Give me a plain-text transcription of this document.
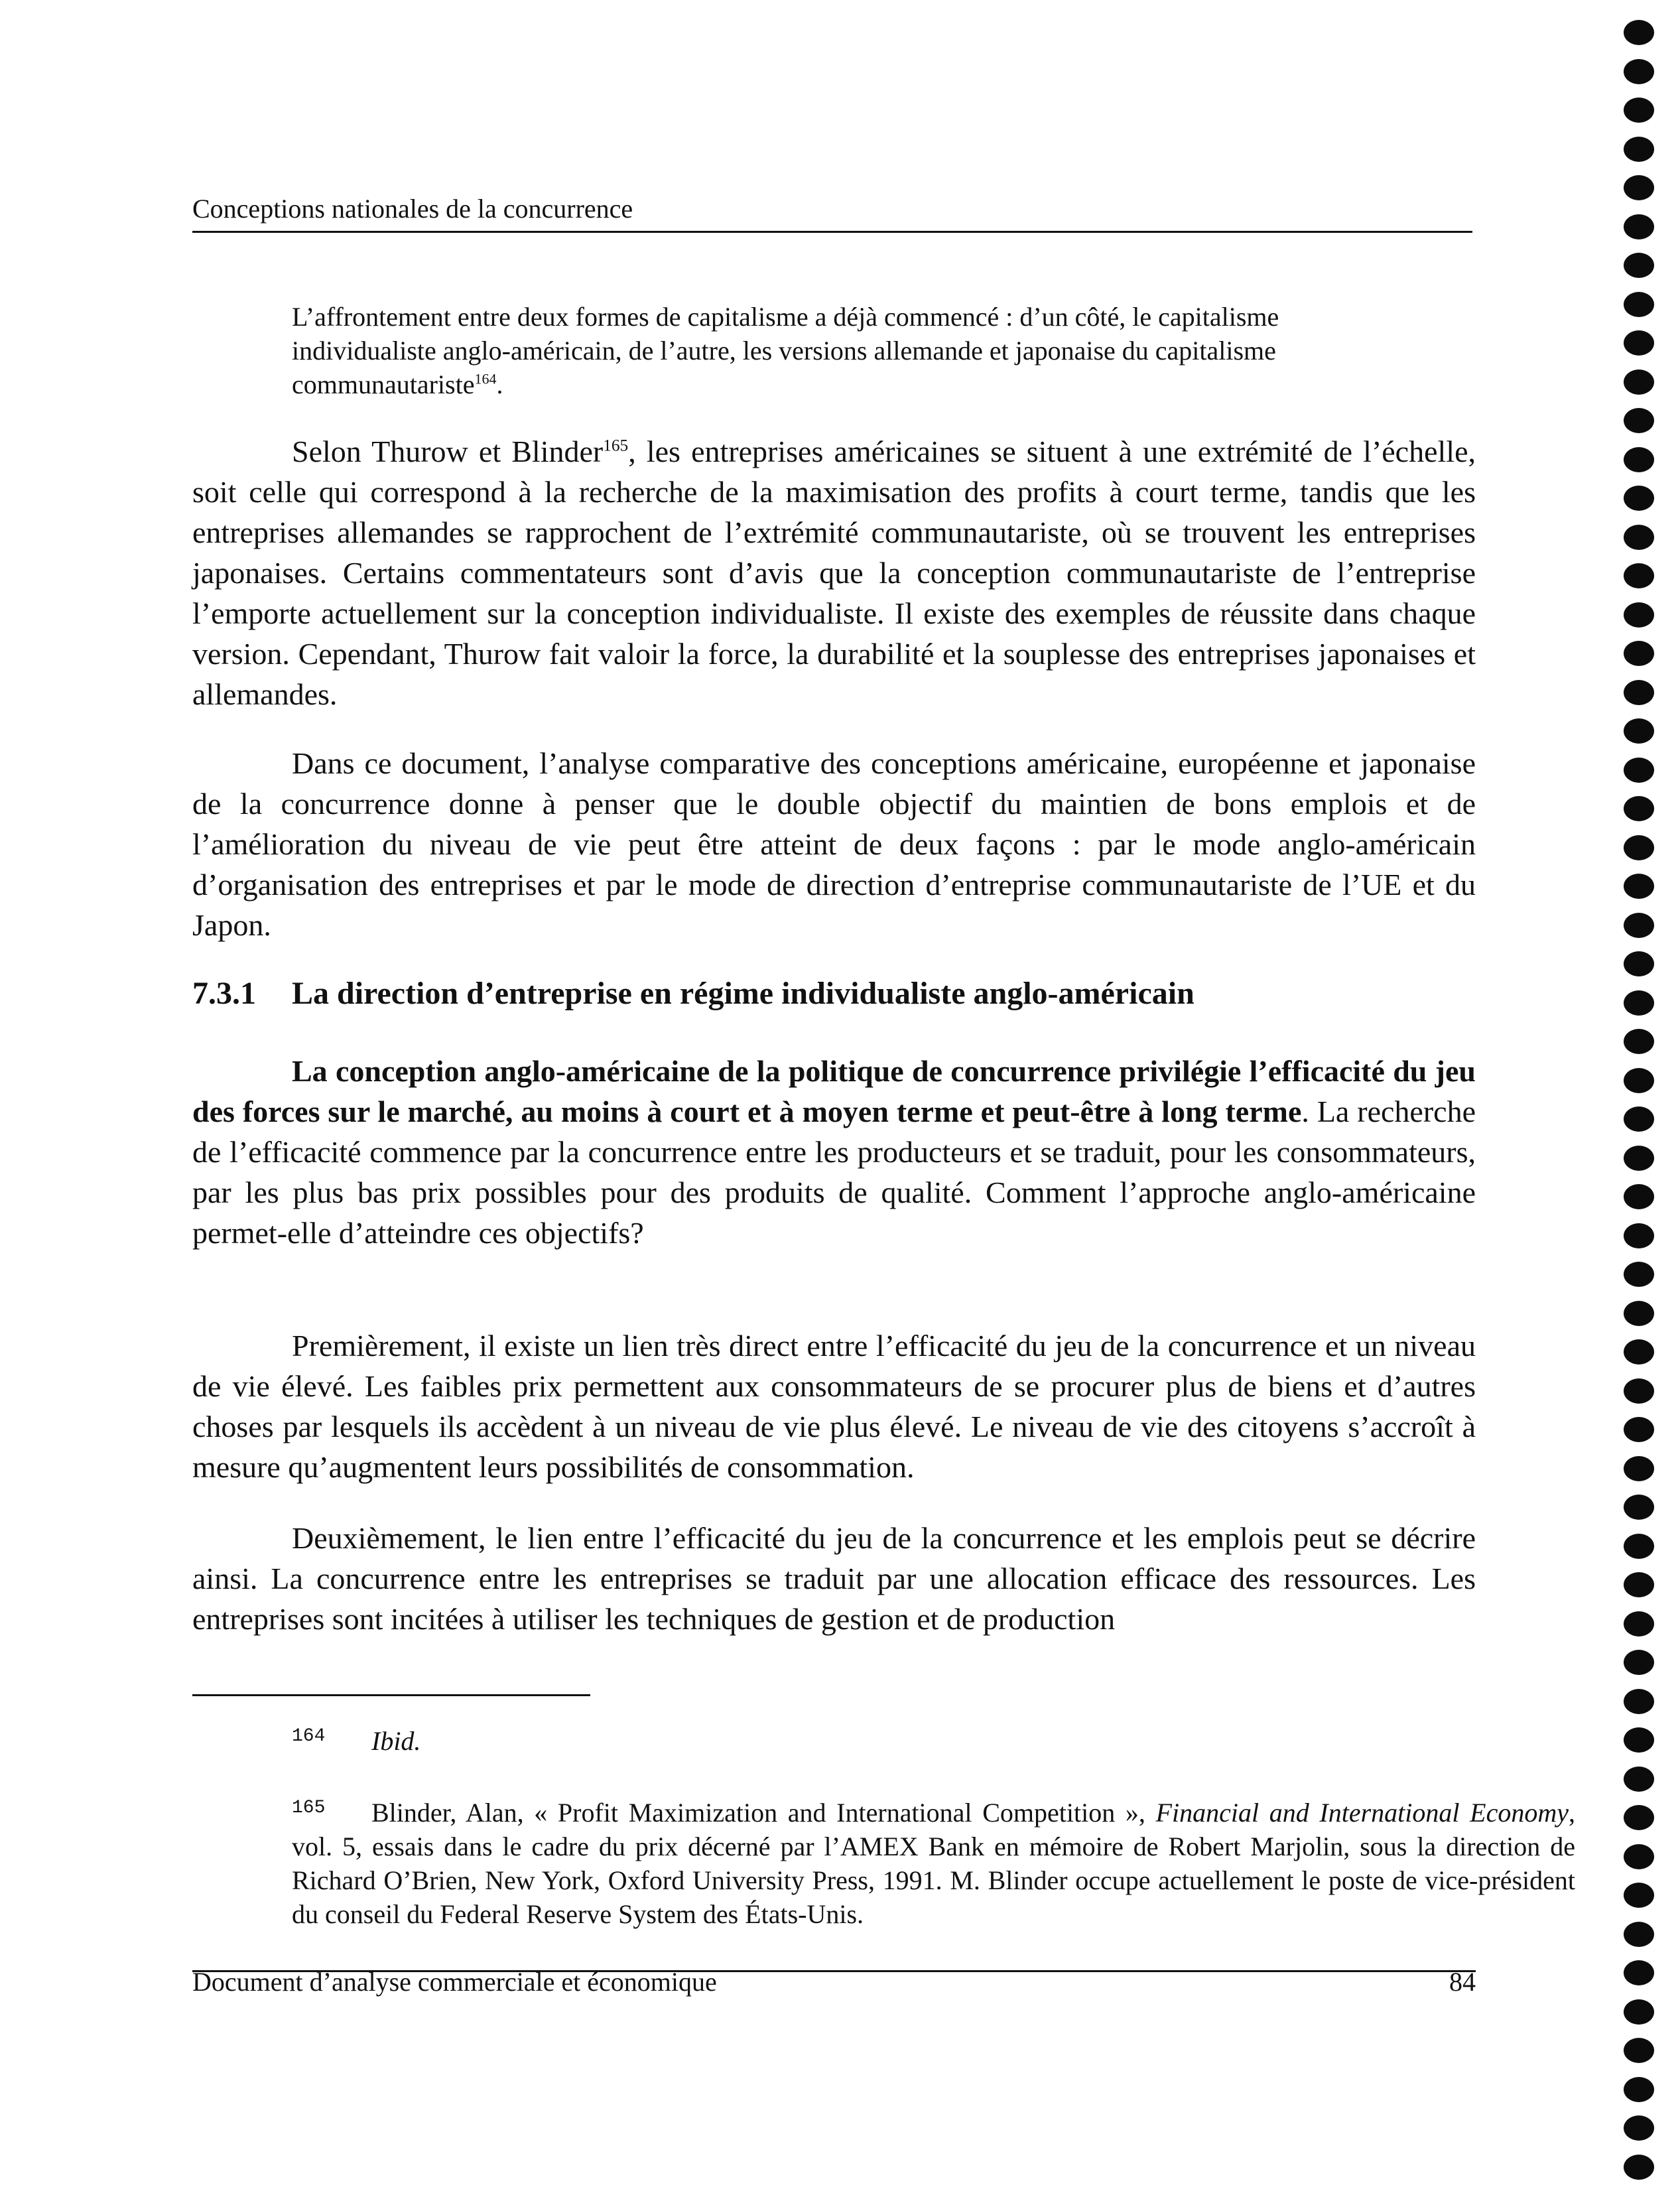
Conceptions nationales de la concurrence
L’affrontement entre deux formes de capitalisme a déjà commencé : d’un côté, le capitalisme individualiste anglo-américain, de l’autre, les versions allemande et japonaise du capitalisme communautariste$^{164}$.
Selon Thurow et Blinder$^{165}$, les entreprises américaines se situent à une extrémité de l’échelle, soit celle qui correspond à la recherche de la maximisation des profits à court terme, tandis que les entreprises allemandes se rapprochent de l’extrémité communautariste, où se trouvent les entreprises japonaises. Certains commentateurs sont d’avis que la conception communautariste de l’entreprise l’emporte actuellement sur la conception individualiste. Il existe des exemples de réussite dans chaque version. Cependant, Thurow fait valoir la force, la durabilité et la souplesse des entreprises japonaises et allemandes.
Dans ce document, l’analyse comparative des conceptions américaine, européenne et japonaise de la concurrence donne à penser que le double objectif du maintien de bons emplois et de l’amélioration du niveau de vie peut être atteint de deux façons : par le mode anglo-américain d’organisation des entreprises et par le mode de direction d’entreprise communautariste de l’UE et du Japon.
7.3.1 La direction d’entreprise en régime individualiste anglo-américain
La conception anglo-américaine de la politique de concurrence privilégie l’efficacité du jeu des forces sur le marché, au moins à court et à moyen terme et peut-être à long terme. La recherche de l’efficacité commence par la concurrence entre les producteurs et se traduit, pour les consommateurs, par les plus bas prix possibles pour des produits de qualité. Comment l’approche anglo-américaine permet-elle d’atteindre ces objectifs?
Premièrement, il existe un lien très direct entre l’efficacité du jeu de la concurrence et un niveau de vie élevé. Les faibles prix permettent aux consommateurs de se procurer plus de biens et d’autres choses par lesquels ils accèdent à un niveau de vie plus élevé. Le niveau de vie des citoyens s’accroît à mesure qu’augmentent leurs possibilités de consommation.
Deuxièmement, le lien entre l’efficacité du jeu de la concurrence et les emplois peut se décrire ainsi. La concurrence entre les entreprises se traduit par une allocation efficace des ressources. Les entreprises sont incitées à utiliser les techniques de gestion et de production
164 Ibid.
165 Blinder, Alan, « Profit Maximization and International Competition », Financial and International Economy, vol. 5, essais dans le cadre du prix décerné par l’AMEX Bank en mémoire de Robert Marjolin, sous la direction de Richard O’Brien, New York, Oxford University Press, 1991. M. Blinder occupe actuellement le poste de vice-président du conseil du Federal Reserve System des États-Unis.
Document d’analyse commerciale et économique	84
